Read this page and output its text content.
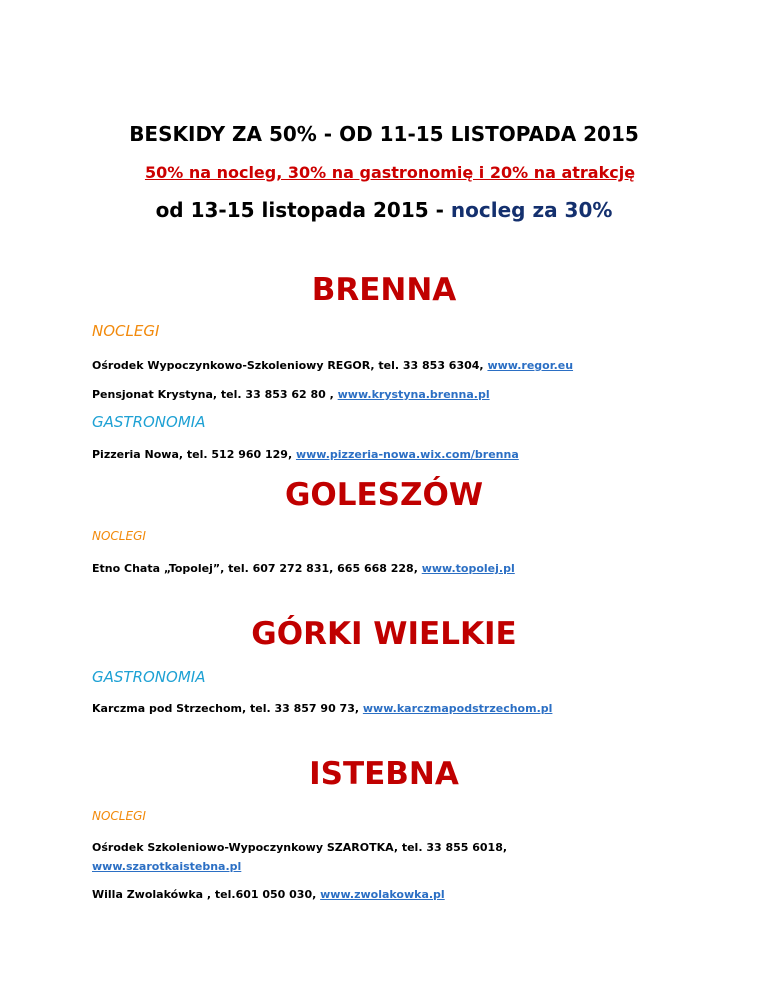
BESKIDY ZA 50% - OD 11-15 LISTOPADA 2015
50% na nocleg, 30% na gastronomię i 20% na atrakcję
od 13-15 listopada 2015 - nocleg za 30%
BRENNA
NOCLEGI
Ośrodek Wypoczynkowo-Szkoleniowy REGOR, tel. 33 853 6304, www.regor.eu
Pensjonat Krystyna, tel. 33 853 62 80 , www.krystyna.brenna.pl
GASTRONOMIA
Pizzeria Nowa, tel. 512 960 129, www.pizzeria-nowa.wix.com/brenna
GOLESZÓW
NOCLEGI
Etno Chata „Topolej”, tel. 607 272 831, 665 668 228, www.topolej.pl
GÓRKI WIELKIE
GASTRONOMIA
Karczma pod Strzechom, tel. 33 857 90 73, www.karczmapodstrzechom.pl
ISTEBNA
NOCLEGI
Ośrodek Szkoleniowo-Wypoczynkowy SZAROTKA, tel. 33 855 6018,
www.szarotkaistebna.pl
Willa Zwolakówka , tel.601 050 030, www.zwolakowka.pl
